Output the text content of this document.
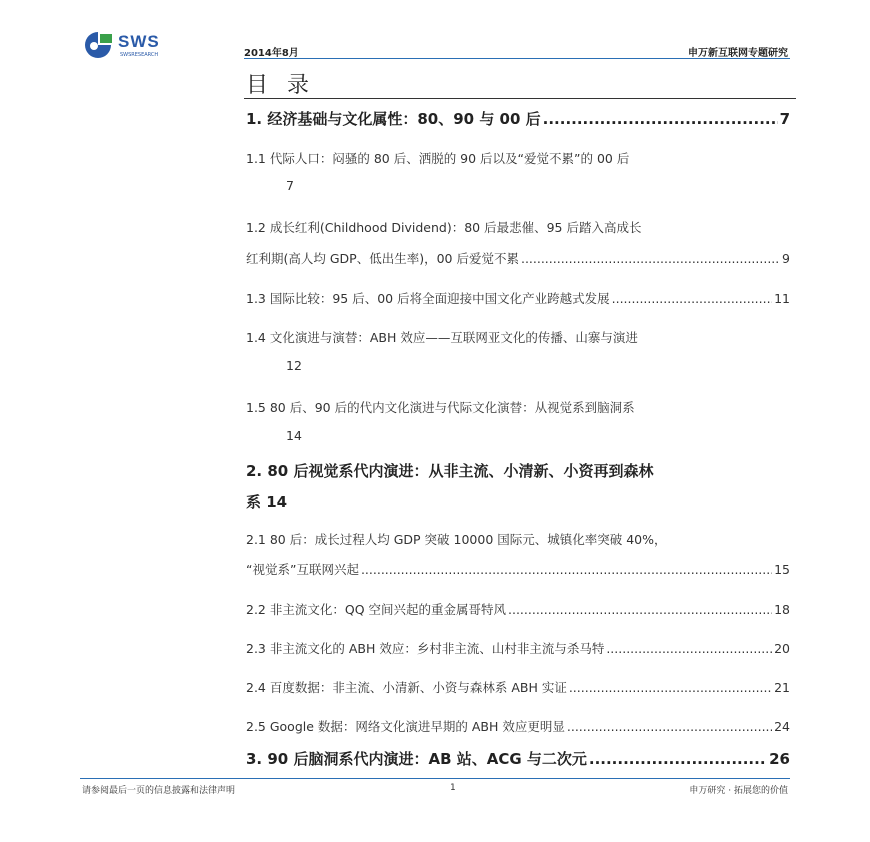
SWS
SWSRESEARCH	2014年8月	申万新互联网专题研究
目 录
1. 经济基础与文化属性：80、90 与 00 后 .....	7
1.1 代际人口：闷骚的 80 后、洒脱的 90 后以及“爱觉不累”的 00 后
7
1.2 成长红利(Childhood Dividend)：80 后最悲催、95 后踏入高成长
红利期(高人均 GDP、低出生率)，00 后爱觉不累 .....	9
1.3 国际比较：95 后、00 后将全面迎接中国文化产业跨越式发展 .....	11
1.4 文化演进与演替：ABH 效应——互联网亚文化的传播、山寨与演进
12
1.5 80 后、90 后的代内文化演进与代际文化演替：从视觉系到脑洞系
14
2. 80 后视觉系代内演进：从非主流、小清新、小资再到森林
系 14
2.1 80 后：成长过程人均 GDP 突破 10000 国际元、城镇化率突破 40%，
“视觉系”互联网兴起 .....	15
2.2 非主流文化：QQ 空间兴起的重金属哥特风 .....	18
2.3 非主流文化的 ABH 效应：乡村非主流、山村非主流与杀马特 .....	20
2.4 百度数据：非主流、小清新、小资与森林系 ABH 实证 .....	21
2.5 Google 数据：网络文化演进早期的 ABH 效应更明显 .....	24
3. 90 后脑洞系代内演进：AB 站、ACG 与二次元 .....	26
请参阅最后一页的信息披露和法律声明	1	申万研究 · 拓展您的价值
